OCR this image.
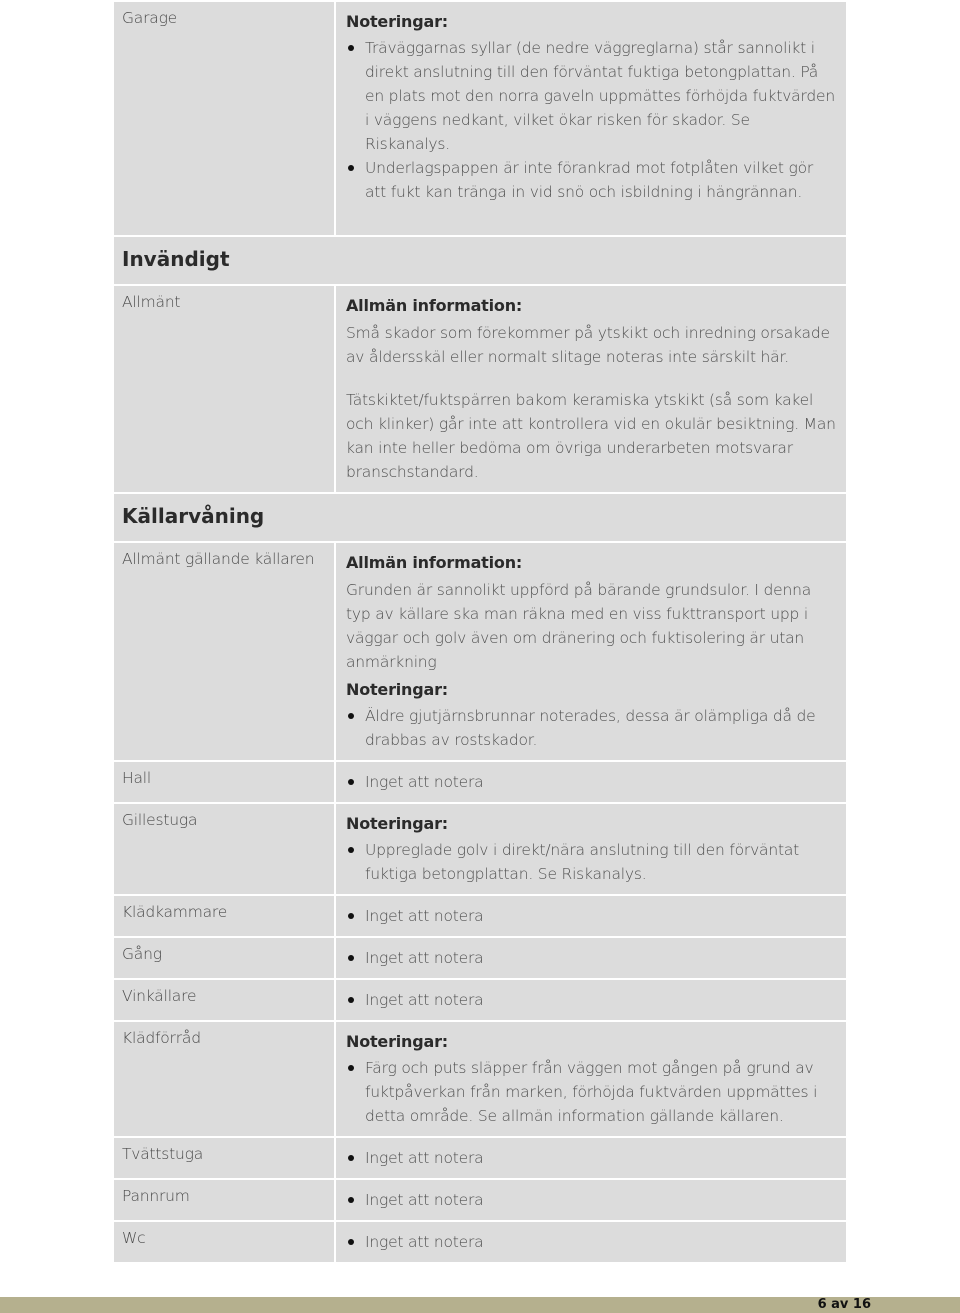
Garage	Noteringar:
Träväggarnas syllar (de nedre väggreglarna) står sannolikt i direkt anslutning till den förväntat fuktiga betongplattan. På en plats mot den norra gaveln uppmättes förhöjda fuktvärden i väggens nedkant, vilket ökar risken för skador. Se Riskanalys.
Underlagspappen är inte förankrad mot fotplåten vilket gör att fukt kan tränga in vid snö och isbildning i hängrännan.
Invändigt
Allmänt	Allmän information:

Små skador som förekommer på ytskikt och inredning orsakade av åldersskäl eller normalt slitage noteras inte särskilt här.

Tätskiktet/fuktspärren bakom keramiska ytskikt (så som kakel och klinker) går inte att kontrollera vid en okulär besiktning. Man kan inte heller bedöma om övriga underarbeten motsvarar branschstandard.

Källarvåning
Allmänt gällande källaren	Allmän information:

Grunden är sannolikt uppförd på bärande grundsulor. I denna typ av källare ska man räkna med en viss fukttransport upp i väggar och golv även om dränering och fuktisolering är utan anmärkning

Noteringar:
Äldre gjutjärnsbrunnar noterades, dessa är olämpliga då de drabbas av rostskador.
Hall	Inget att notera
Gillestuga	Noteringar:
Uppreglade golv i direkt/nära anslutning till den förväntat fuktiga betongplattan. Se Riskanalys.
Klädkammare	Inget att notera
Gång	Inget att notera
Vinkällare	Inget att notera
Klädförråd	Noteringar:
Färg och puts släpper från väggen mot gången på grund av fuktpåverkan från marken, förhöjda fuktvärden uppmättes i detta område. Se allmän information gällande källaren.
Tvättstuga	Inget att notera
Pannrum	Inget att notera
Wc	Inget att notera
6 av 16
